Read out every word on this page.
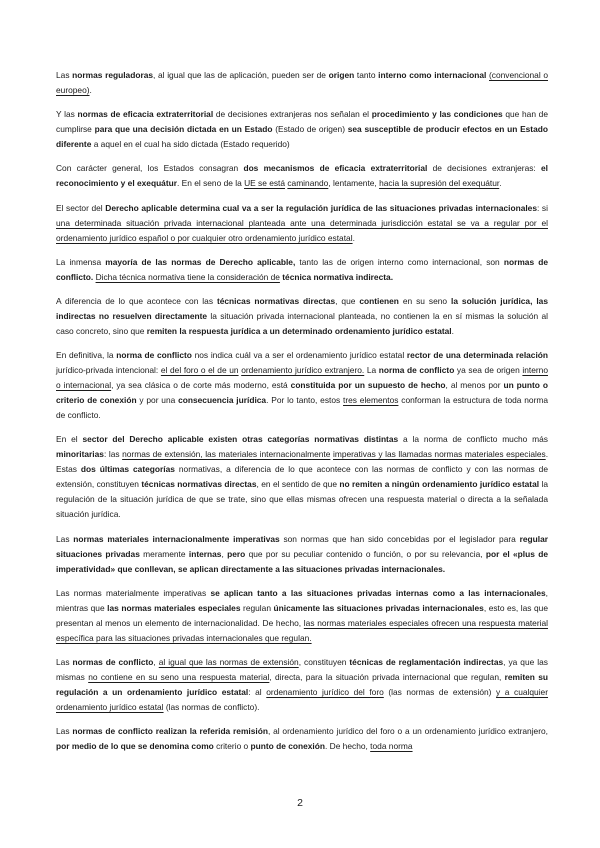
Las normas reguladoras, al igual que las de aplicación, pueden ser de origen tanto interno como internacional (convencional o europeo).

Y las normas de eficacia extraterritorial de decisiones extranjeras nos señalan el procedimiento y las condiciones que han de cumplirse para que una decisión dictada en un Estado (Estado de origen) sea susceptible de producir efectos en un Estado diferente a aquel en el cual ha sido dictada (Estado requerido)

Con carácter general, los Estados consagran dos mecanismos de eficacia extraterritorial de decisiones extranjeras: el reconocimiento y el exequátur. En el seno de la UE se está caminando, lentamente, hacia la supresión del exequátur.

El sector del Derecho aplicable determina cual va a ser la regulación jurídica de las situaciones privadas internacionales: si una determinada situación privada internacional planteada ante una determinada jurisdicción estatal se va a regular por el ordenamiento jurídico español o por cualquier otro ordenamiento jurídico estatal.

La inmensa mayoría de las normas de Derecho aplicable, tanto las de origen interno como internacional, son normas de conflicto. Dicha técnica normativa tiene la consideración de técnica normativa indirecta.

A diferencia de lo que acontece con las técnicas normativas directas, que contienen en su seno la solución jurídica, las indirectas no resuelven directamente la situación privada internacional planteada, no contienen la en sí mismas la solución al caso concreto, sino que remiten la respuesta jurídica a un determinado ordenamiento jurídico estatal.

En definitiva, la norma de conflicto nos indica cuál va a ser el ordenamiento jurídico estatal rector de una determinada relación jurídico-privada intencional: el del foro o el de un ordenamiento jurídico extranjero. La norma de conflicto ya sea de origen interno o internacional, ya sea clásica o de corte más moderno, está constituida por un supuesto de hecho, al menos por un punto o criterio de conexión y por una consecuencia jurídica. Por lo tanto, estos tres elementos conforman la estructura de toda norma de conflicto.

En el sector del Derecho aplicable existen otras categorías normativas distintas a la norma de conflicto mucho más minoritarias: las normas de extensión, las materiales internacionalmente imperativas y las llamadas normas materiales especiales. Estas dos últimas categorías normativas, a diferencia de lo que acontece con las normas de conflicto y con las normas de extensión, constituyen técnicas normativas directas, en el sentido de que no remiten a ningún ordenamiento jurídico estatal la regulación de la situación jurídica de que se trate, sino que ellas mismas ofrecen una respuesta material o directa a la señalada situación jurídica.

Las normas materiales internacionalmente imperativas son normas que han sido concebidas por el legislador para regular situaciones privadas meramente internas, pero que por su peculiar contenido o función, o por su relevancia, por el «plus de imperatividad» que conllevan, se aplican directamente a las situaciones privadas internacionales.

Las normas materialmente imperativas se aplican tanto a las situaciones privadas internas como a las internacionales, mientras que las normas materiales especiales regulan únicamente las situaciones privadas internacionales, esto es, las que presentan al menos un elemento de internacionalidad. De hecho, las normas materiales especiales ofrecen una respuesta material específica para las situaciones privadas internacionales que regulan.

Las normas de conflicto, al igual que las normas de extensión, constituyen técnicas de reglamentación indirectas, ya que las mismas no contiene en su seno una respuesta material, directa, para la situación privada internacional que regulan, remiten su regulación a un ordenamiento jurídico estatal: al ordenamiento jurídico del foro (las normas de extensión) y a cualquier ordenamiento jurídico estatal (las normas de conflicto).

Las normas de conflicto realizan la referida remisión, al ordenamiento jurídico del foro o a un ordenamiento jurídico extranjero, por medio de lo que se denomina como criterio o punto de conexión. De hecho, toda norma

2
